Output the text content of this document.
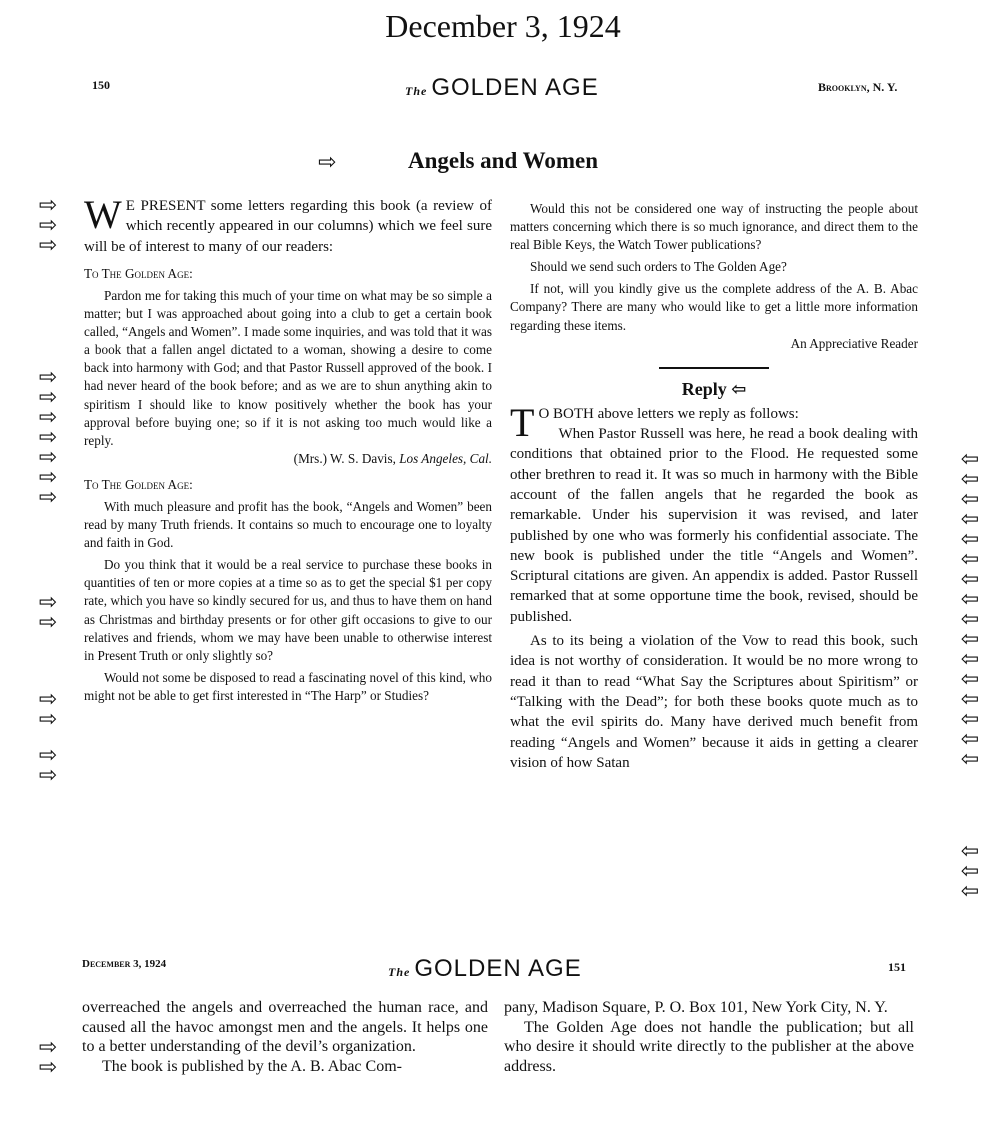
December 3, 1924
150	The GOLDEN AGE	Brooklyn, N. Y.
⇨	Angels and Women
⇨
⇨
⇨
⇨
⇨
⇨
⇨
⇨
⇨
⇨
⇨
⇨
⇨
⇨
⇨
⇨

W E PRESENT some letters regarding this book (a review of which recently appeared in our columns) which we feel sure will be of interest to many of our readers:

To The Golden Age:

Pardon me for taking this much of your time on what may be so simple a matter; but I was approached about going into a club to get a certain book called, “Angels and Women”. I made some inquiries, and was told that it was a book that a fallen angel dictated to a woman, showing a desire to come back into harmony with God; and that Pastor Russell approved of the book. I had never heard of the book before; and as we are to shun anything akin to spiritism I should like to know positively whether the book has your approval before buying one; so if it is not asking too much would like a reply.

(Mrs.) W. S. Davis, Los Angeles, Cal.

To The Golden Age:

With much pleasure and profit has the book, “Angels and Women” been read by many Truth friends. It contains so much to encourage one to loyalty and faith in God.

Do you think that it would be a real service to purchase these books in quantities of ten or more copies at a time so as to get the special $1 per copy rate, which you have so kindly secured for us, and thus to have them on hand as Christmas and birthday presents or for other gift occasions to give to our relatives and friends, whom we may have been unable to otherwise interest in Present Truth or only slightly so?

Would not some be disposed to read a fascinating novel of this kind, who might not be able to get first interested in “The Harp” or Studies?

Would this not be considered one way of instructing the people about matters concerning which there is so much ignorance, and direct them to the real Bible Keys, the Watch Tower publications?

Should we send such orders to The Golden Age?

If not, will you kindly give us the complete address of the A. B. Abac Company? There are many who would like to get a little more information regarding these items.

An Appreciative Reader

Reply ⇦

T O BOTH above letters we reply as follows:

When Pastor Russell was here, he read a book dealing with conditions that obtained prior to the Flood. He requested some other brethren to read it. It was so much in harmony with the Bible account of the fallen angels that he regarded the book as remarkable. Under his supervision it was revised, and later published by one who was formerly his confidential associate. The new book is published under the title “Angels and Women”. Scriptural citations are given. An appendix is added. Pastor Russell remarked that at some opportune time the book, revised, should be published.

As to its being a violation of the Vow to read this book, such idea is not worthy of consideration. It would be no more wrong to read it than to read “What Say the Scriptures about Spiritism” or “Talking with the Dead”; for both these books quote much as to what the evil spirits do. Many have derived much benefit from reading “Angels and Women” because it aids in getting a clearer vision of how Satan

⇦
⇦
⇦
⇦
⇦
⇦
⇦
⇦
⇦
⇦
⇦
⇦
⇦
⇦
⇦
⇦
⇦
⇦
⇦
December 3, 1924
The GOLDEN AGE	151
⇨
⇨

overreached the angels and overreached the human race, and caused all the havoc amongst men and the angels. It helps one to a better understanding of the devil’s organization.

The book is published by the A. B. Abac Com-

pany, Madison Square, P. O. Box 101, New York City, N. Y.

The Golden Age does not handle the publication; but all who desire it should write directly to the publisher at the above address.
